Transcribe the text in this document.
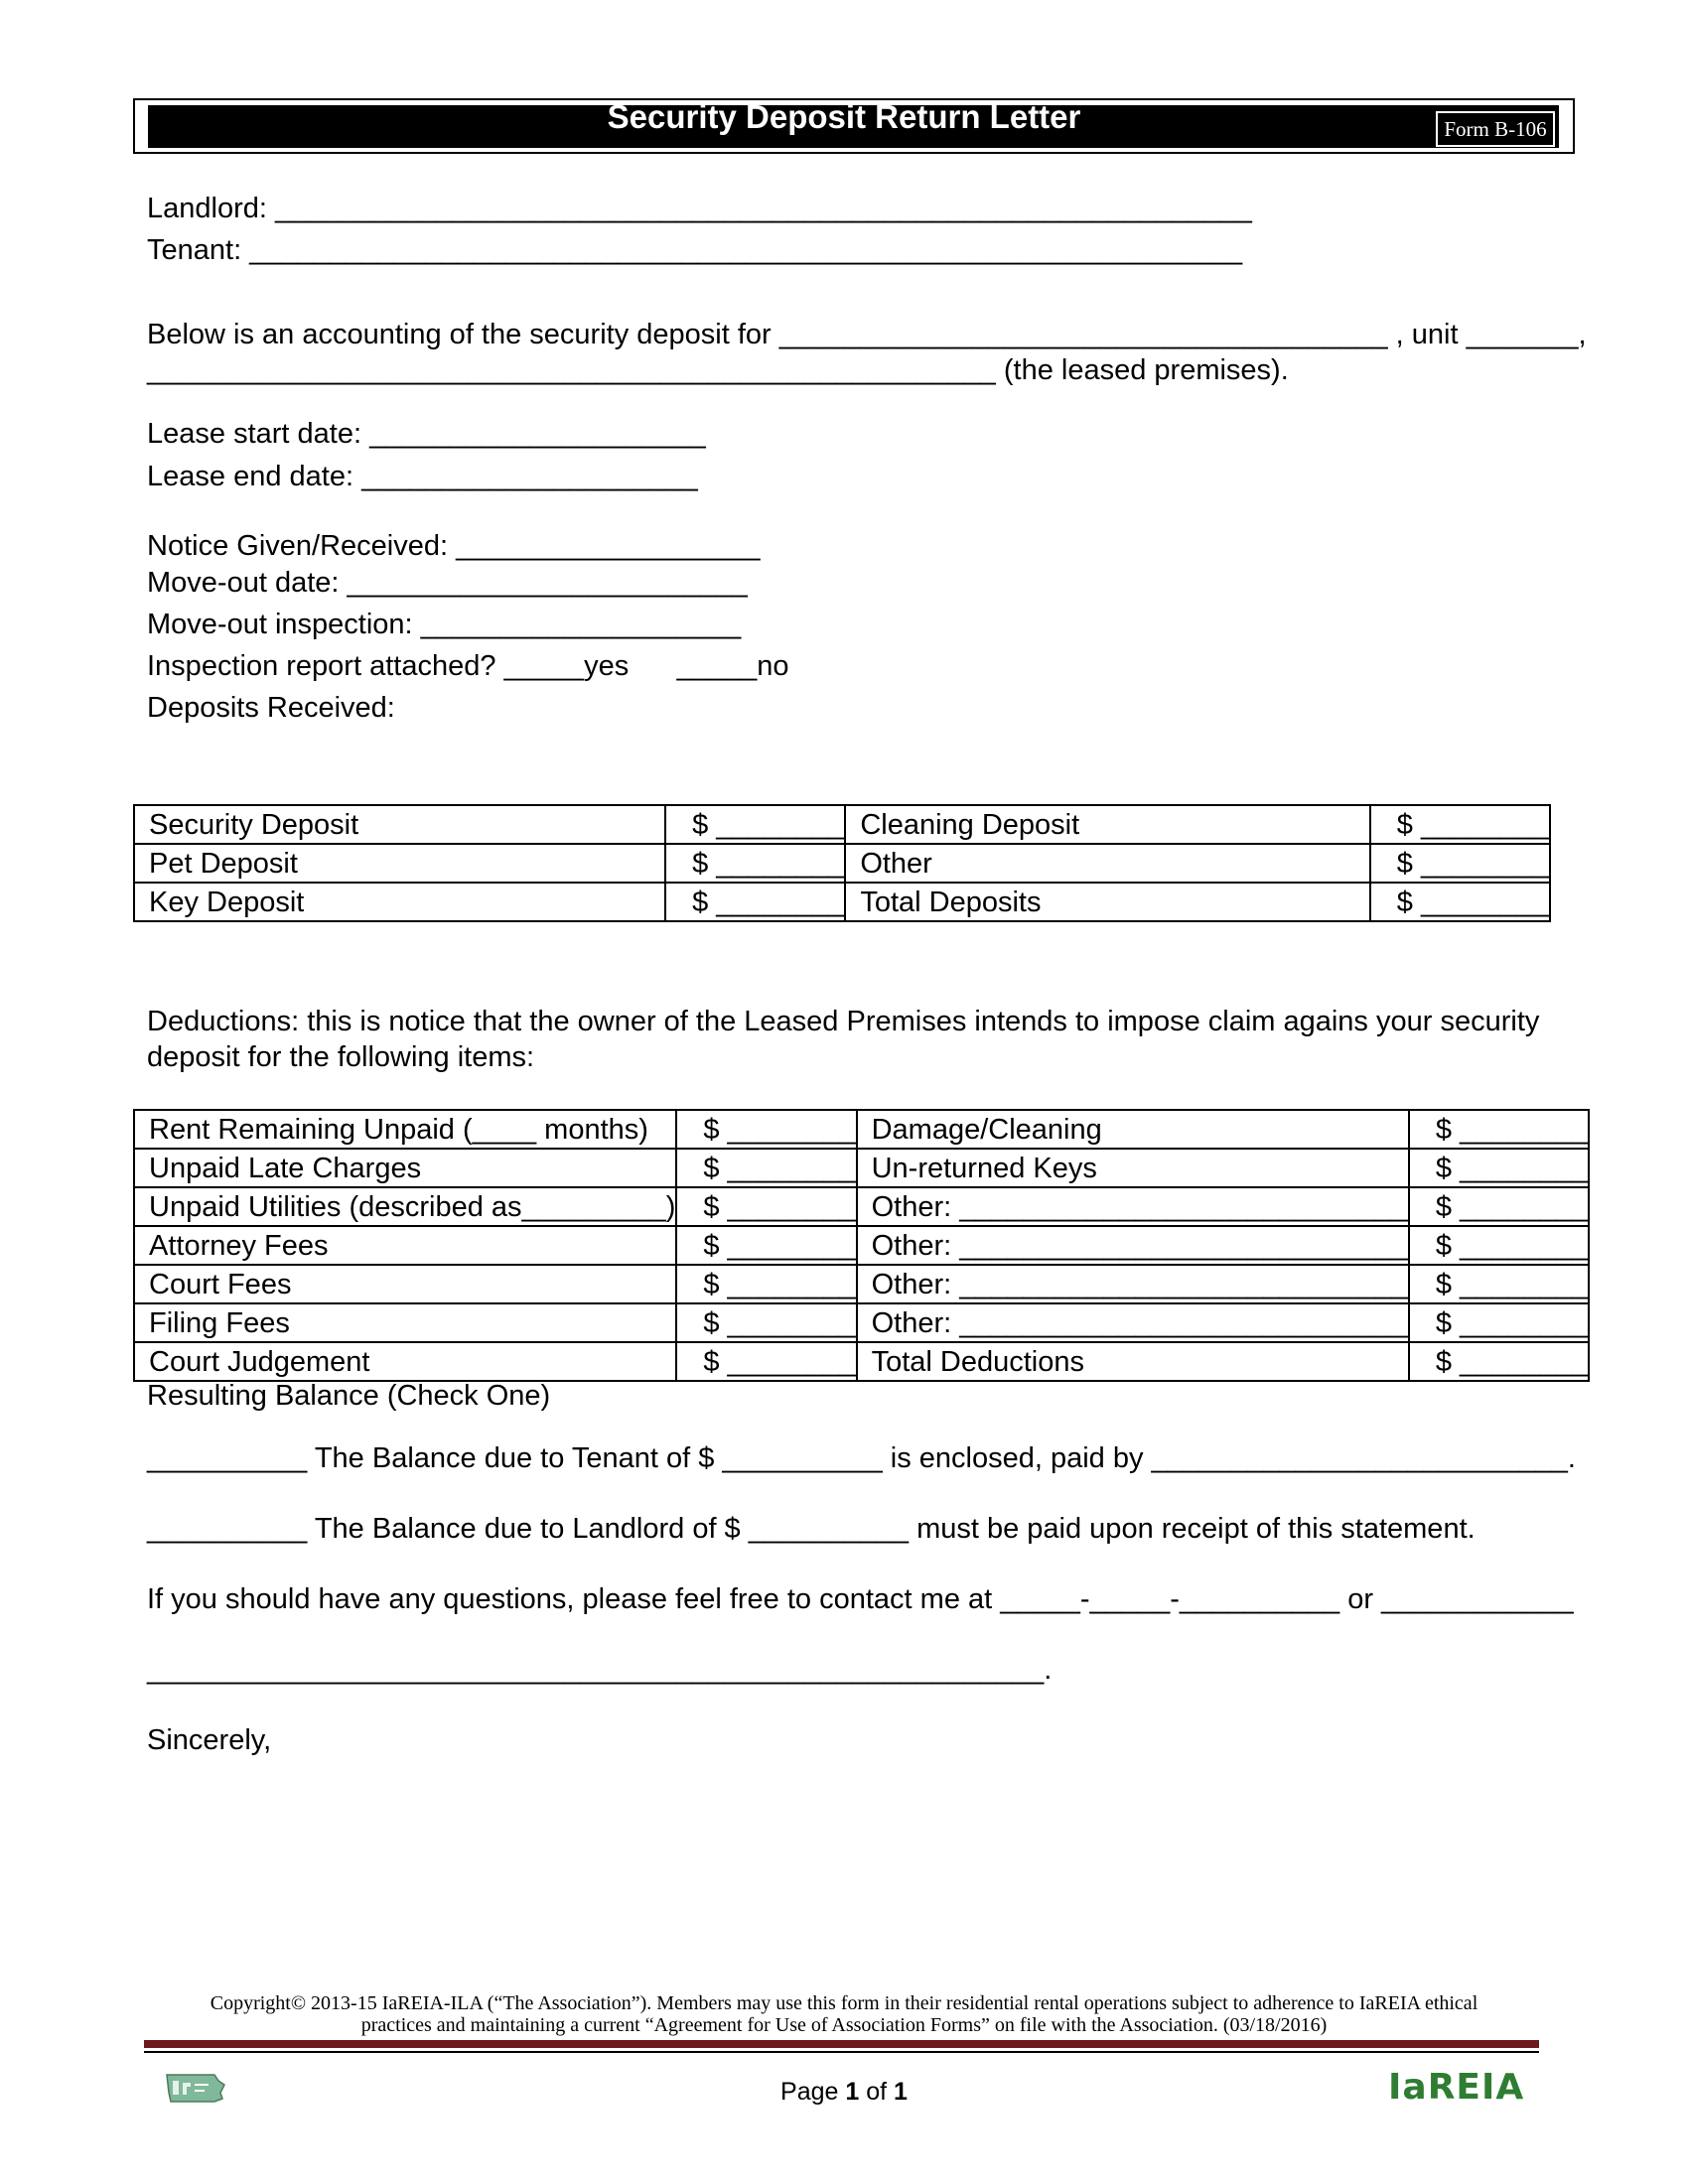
Security Deposit Return Letter	Form B-106
Landlord: _____________________________________________________________
Tenant: ______________________________________________________________
Below is an accounting of the security deposit for ______________________________________ , unit _______,
_____________________________________________________ (the leased premises).
Lease start date: _____________________
Lease end date: _____________________
Notice Given/Received: ___________________
Move-out date: _________________________
Move-out inspection: ____________________
Inspection report attached? _____yes      _____no
Deposits Received:
Security Deposit	$ ________	Cleaning Deposit	$ ________
Pet Deposit	$ ________	Other	$ ________
Key Deposit	$ ________	Total Deposits	$ ________
Deductions: this is notice that the owner of the Leased Premises intends to impose claim agains your security
deposit for the following items:
Rent Remaining Unpaid (____ months)	$ ________	Damage/Cleaning	$ ________
Unpaid Late Charges	$ ________	Un-returned Keys	$ ________
Unpaid Utilities (described as_________)	$ ________	Other: ____________________________	$ ________
Attorney Fees	$ ________	Other: ____________________________	$ ________
Court Fees	$ ________	Other: ____________________________	$ ________
Filing Fees	$ ________	Other: ____________________________	$ ________
Court Judgement	$ ________	Total Deductions	$ ________
Resulting Balance (Check One)
__________ The Balance due to Tenant of $ __________ is enclosed, paid by __________________________.
__________ The Balance due to Landlord of $ __________ must be paid upon receipt of this statement.
If you should have any questions, please feel free to contact me at _____-_____-__________ or ____________
________________________________________________________.
Sincerely,
Copyright© 2013-15 IaREIA-ILA (“The Association”). Members may use this form in their residential rental operations subject to adherence to IaREIA ethical
practices and maintaining a current “Agreement for Use of Association Forms” on file with the Association. (03/18/2016)
Page 1 of 1	IaREIA
